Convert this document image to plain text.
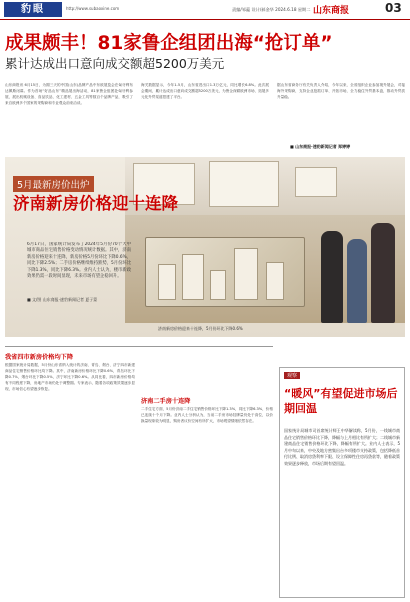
豹眼	http://www.subaoxine.com	责编/邹蕴 设计/郝金华 2024.6.18 星期二 山东商报	03
成果颇丰！81家鲁企组团出海“抢订单”
累计达成出口意向成交额超5200万美元
山东商报讯 6月15日，为期三天的中国(山东)品牌产品中东欧展览会在匈牙利布达佩斯闭幕。作为首场“好品山东”精品展出海活动，81家鲁企组团赴匈牙利参展，展出机械设备、食品饮品、化工建材、五金工具等数百个品牌产品，吸引了来自欧洲多个国家的采购商和专业观众前来洽谈。
海关数据显示，今年1-5月，山东省进出口1.3万亿元，同比增长6.8%。此次展会期间，累计达成出口意向成交额超5200万美元，为鲁企深耕欧洲市场、拓展多元化外贸渠道搭建了平台。
据山东省商务厅有关负责人介绍，今年以来，全省组织企业参加境外展会，对接海外采购商，支持企业抢抓订单、开拓市场，全力稳住外贸基本盘，推动外贸质升量稳。
■ 山东商报·速豹新闻记者 郑婷婷
5月最新房价出炉
济南新房价格迎十连降
6月17日，国家统计局发布了2024年5月份70个大中城市商品住宅销售价格变动情况统计数据。其中，济南新房价格迎来十连降，新房价格5月份环比下降0.6%，同比下降2.5%；二手房价格继续维持跌势，5月份环比下降1.3%，同比下降6.3%。业内人士认为，楼市新政效果仍需一段时间显现，未来市场有望企稳回升。
■ 文/图 山东商报·速豹新闻记者 夏子蒙
济南新房价格迎来十连降，5月份环比下降0.6%
我省四市新房价格均下降
根据国家统计局数据，5月份山东省纳入统计的济南、青岛、烟台、济宁四市新建商品住宅销售价格环比均下降。其中，济南新房价格环比下降0.6%，青岛环比下降0.7%，烟台环比下降0.5%，济宁环比下降0.6%。从同比看，四市新房价格均有不同程度下降，房地产市场仍处于调整期。专家表示，随着各项政策效果逐步显现，市场信心有望逐步恢复。
济南二手房十连降
二手住宅方面，5月份济南二手住宅销售价格环比下降1.3%，同比下降6.3%，价格已连续十个月下降。业内人士分析认为，当前二手房市场挂牌量仍处于高位，以价换量现象较为明显，购房者议价空间有所扩大，市场观望情绪依然存在。
观察
“暖风”有望促进市场后期回温
国家统计局城市司首席统计师王中华解读称，5月份，一线城市商品住宅销售价格环比下降，降幅与上月相比有所扩大；二线城市新建商品住宅销售价格环比下降，降幅有所扩大。业内人士表示，5月中旬以来，中央及地方密集出台多项楼市支持政策，包括降低首付比例、取消房贷利率下限、设立保障性住房再贷款等，随着政策效果逐步释放，市场后期有望回温。
